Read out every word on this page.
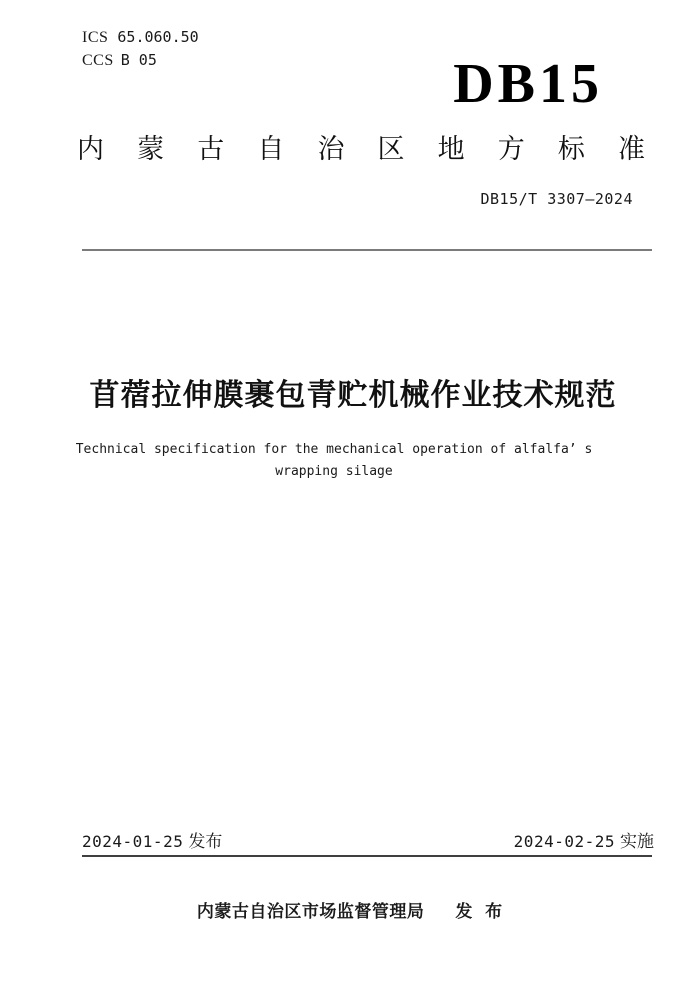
ICS 65.060.50
CCS B 05	DB15
内 蒙 古 自 治 区 地 方 标 准
DB15/T 3307—2024
苜蓿拉伸膜裹包青贮机械作业技术规范
Technical specification for the mechanical operation of alfalfa’ s
wrapping silage
2024-01-25 发布	2024-02-25 实施
内蒙古自治区市场监督管理局 发 布
